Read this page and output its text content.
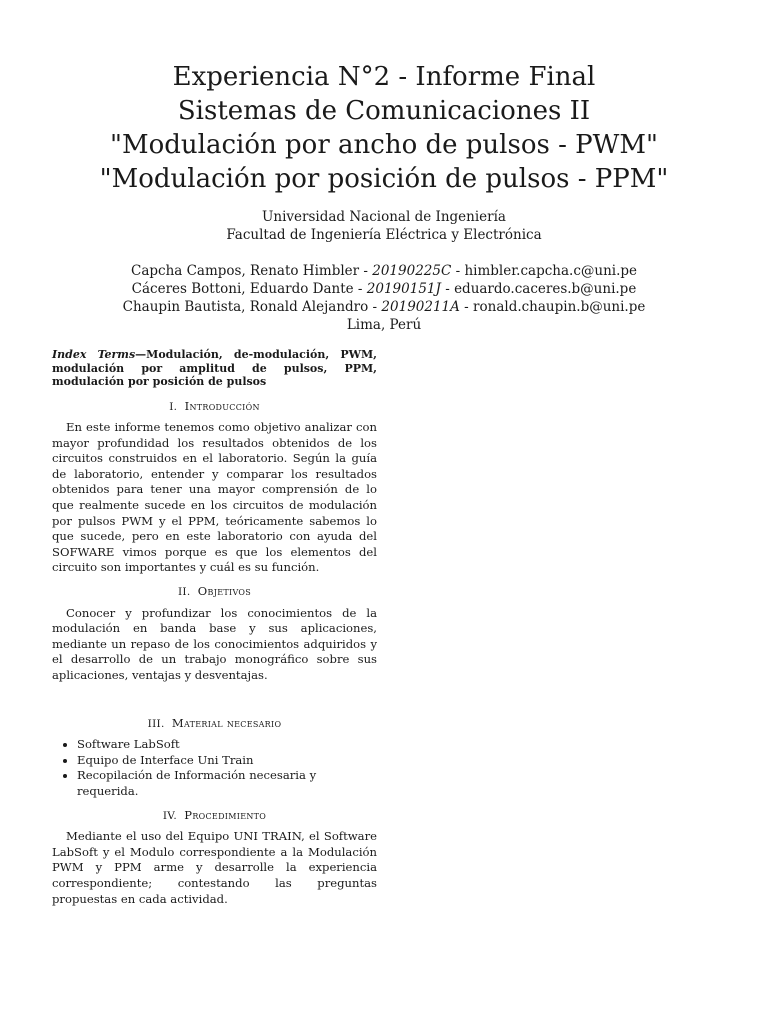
Experiencia N°2 - Informe Final
Sistemas de Comunicaciones II
"Modulación por ancho de pulsos - PWM"
"Modulación por posición de pulsos - PPM"
Universidad Nacional de Ingeniería
Facultad de Ingeniería Eléctrica y Electrónica
Capcha Campos, Renato Himbler - 20190225C - himbler.capcha.c@uni.pe
Cáceres Bottoni, Eduardo Dante - 20190151J - eduardo.caceres.b@uni.pe
Chaupin Bautista, Ronald Alejandro - 20190211A - ronald.chaupin.b@uni.pe
Lima, Perú

Index Terms—Modulación, de-modulación, PWM, modulación por amplitud de pulsos, PPM, modulación por posición de pulsos

I. Introducción

En este informe tenemos como objetivo analizar con mayor profundidad los resultados obtenidos de los circuitos construidos en el laboratorio. Según la guía de laboratorio, entender y comparar los resultados obtenidos para tener una mayor comprensión de lo que realmente sucede en los circuitos de modulación por pulsos PWM y el PPM, teóricamente sabemos lo que sucede, pero en este laboratorio con ayuda del SOFWARE vimos porque es que los elementos del circuito son importantes y cuál es su función.

II. Objetivos

Conocer y profundizar los conocimientos de la modulación en banda base y sus aplicaciones, mediante un repaso de los conocimientos adquiridos y el desarrollo de un trabajo monográfico sobre sus aplicaciones, ventajas y desventajas.

III. Material necesario
• Software LabSoft
• Equipo de Interface Uni Train
• Recopilación de Información necesaria y requerida.
IV. Procedimiento

Mediante el uso del Equipo UNI TRAIN, el Software LabSoft y el Modulo correspondiente a la Modulación PWM y PPM arme y desarrolle la experiencia correspondiente; contestando las preguntas propuestas en cada actividad.
